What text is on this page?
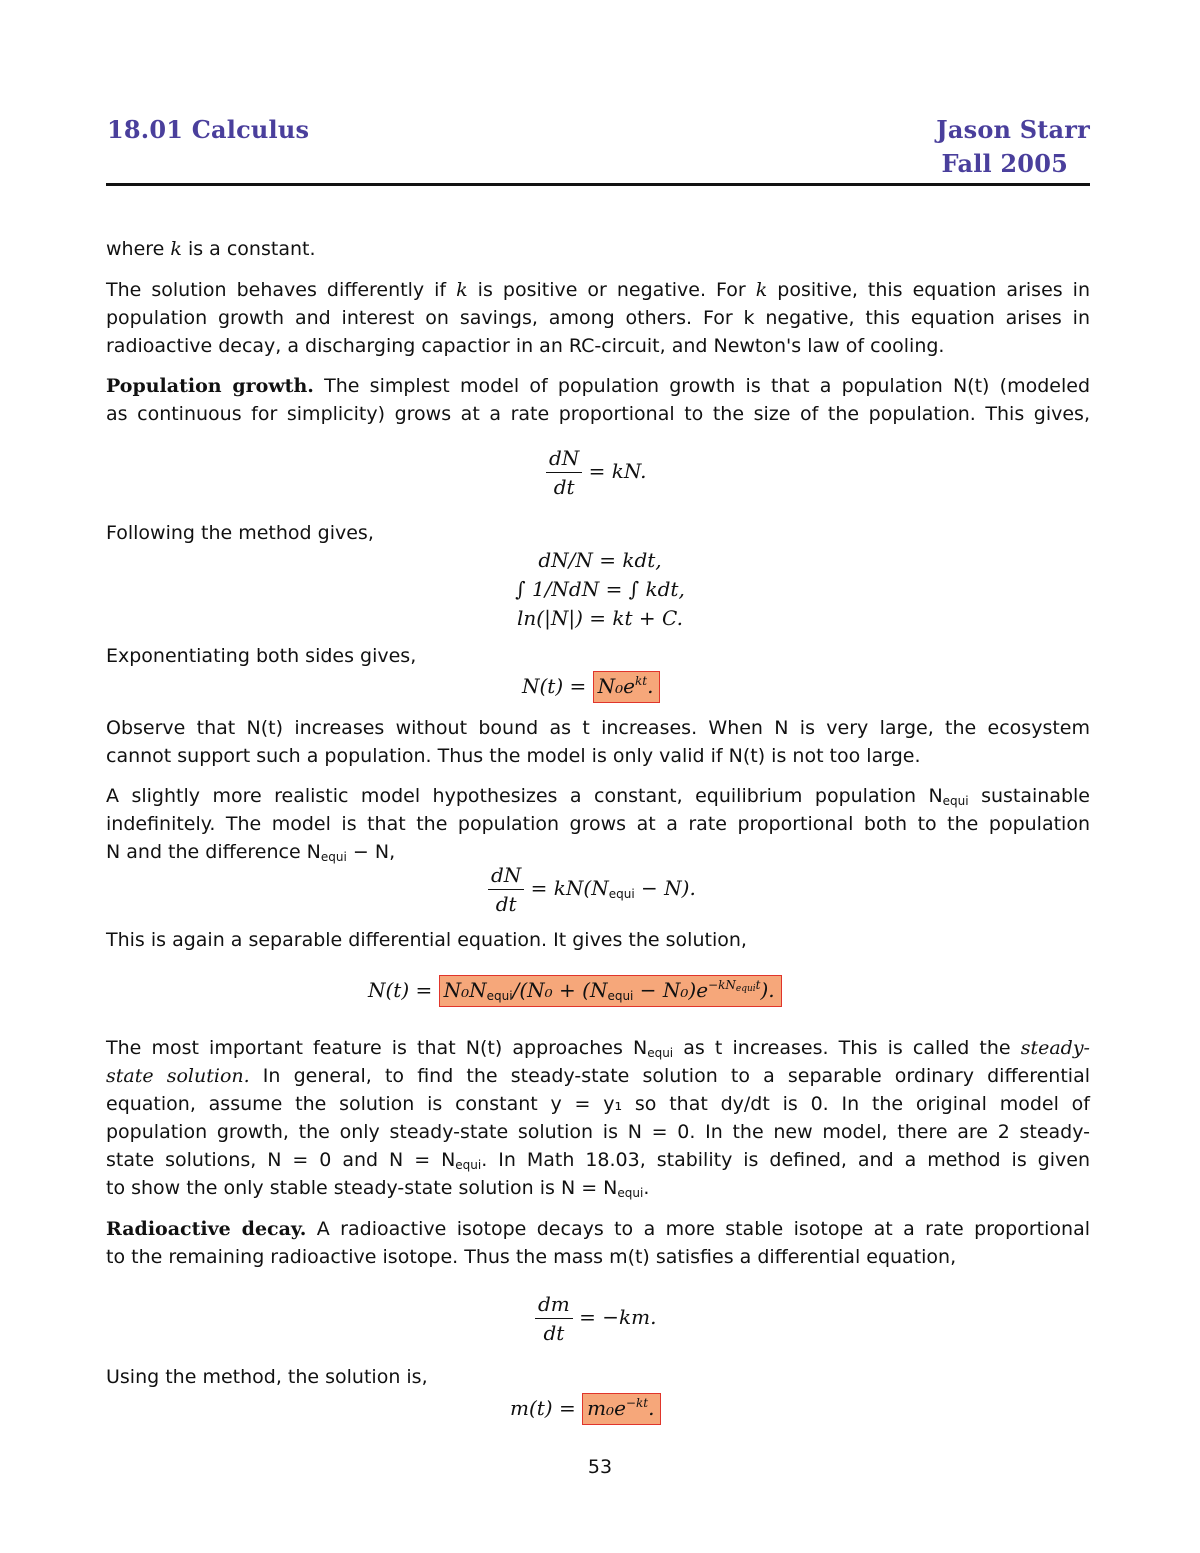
18.01 Calculus	Jason Starr
Fall 2005
where k is a constant.
The solution behaves differently if k is positive or negative. For k positive, this equation arises in
population growth and interest on savings, among others. For k negative, this equation arises in
radioactive decay, a discharging capactior in an RC-circuit, and Newton's law of cooling.
Population growth. The simplest model of population growth is that a population N(t) (modeled
as continuous for simplicity) grows at a rate proportional to the size of the population. This gives,
$\frac{dN}{dt}$ = kN.
Following the method gives,
dN/N = kdt,
∫ 1/NdN = ∫ kdt,
ln(|N|) = kt + C.
Exponentiating both sides gives,
$N(t) = N_0e^{kt}$.
Observe that N(t) increases without bound as t increases. When N is very large, the ecosystem
cannot support such a population. Thus the model is only valid if N(t) is not too large.
A slightly more realistic model hypothesizes a constant, equilibrium population $N_{equi}$ sustainable
indefinitely. The model is that the population grows at a rate proportional both to the population
N and the difference $N_{equi} - N$,
$\frac{dN}{dt} = kN(N_{equi} - N)$.
This is again a separable differential equation. It gives the solution,
$N(t) = N_0N_{equi}/(N_0 + (N_{equi} - N_0)e^{-kN_{equi}t})$.
The most important feature is that N(t) approaches $N_{equi}$ as t increases. This is called the steady-
state solution. In general, to find the steady-state solution to a separable ordinary differential
equation, assume the solution is constant y = y₁ so that dy/dt is 0. In the original model of
population growth, the only steady-state solution is N = 0. In the new model, there are 2 steady-
state solutions, N = 0 and $N = N_{equi}$. In Math 18.03, stability is defined, and a method is given
to show the only stable steady-state solution is $N = N_{equi}$.
Radioactive decay. A radioactive isotope decays to a more stable isotope at a rate proportional
to the remaining radioactive isotope. Thus the mass m(t) satisfies a differential equation,
$\frac{dm}{dt} = -km$.
Using the method, the solution is,
$m(t) = m_0e^{-kt}$.
53
